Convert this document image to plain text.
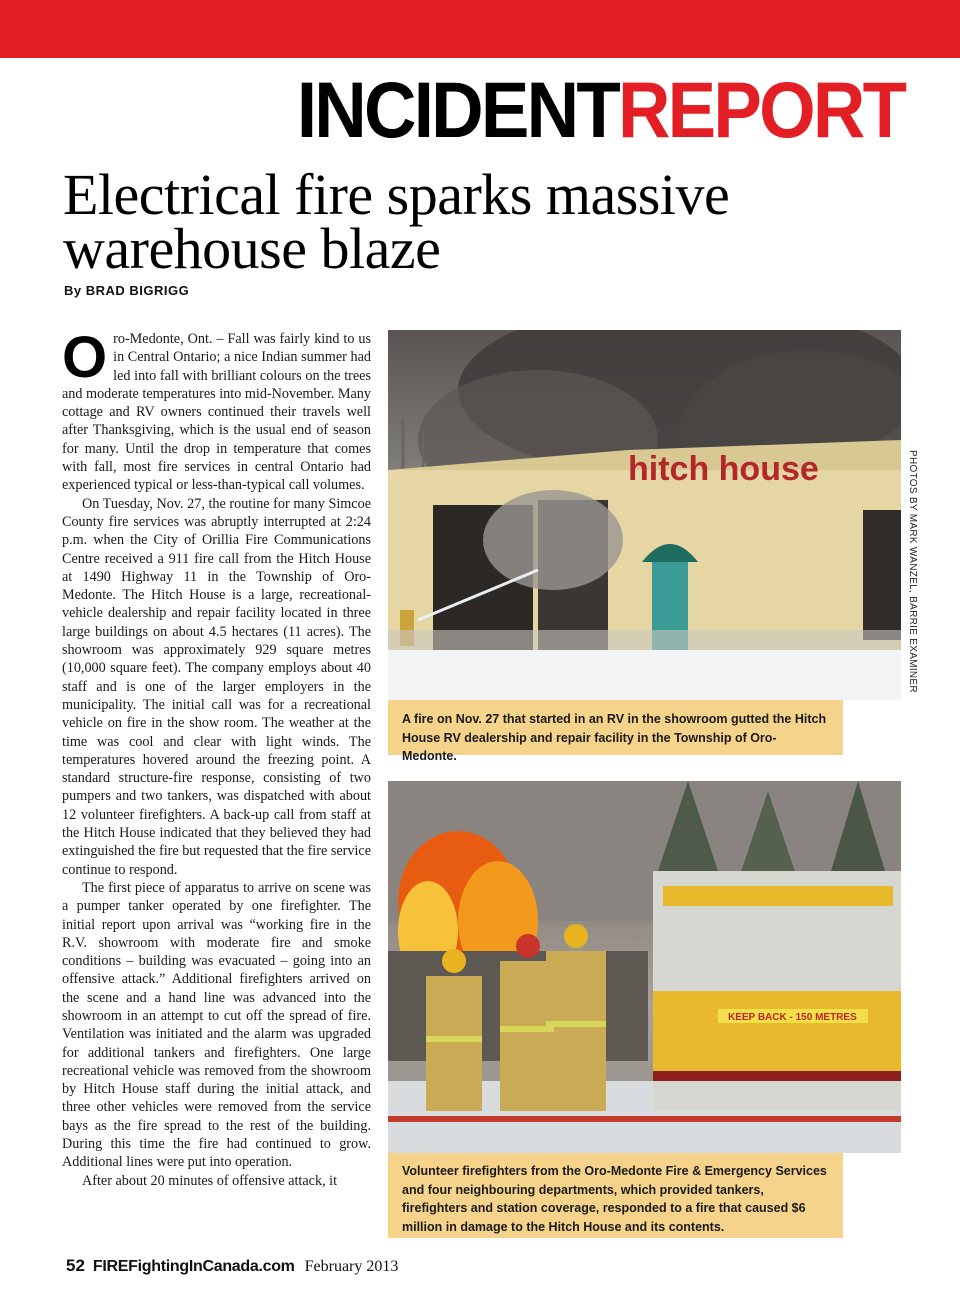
INCIDENTREPORT
Electrical fire sparks massive warehouse blaze
By BRAD BIGRIGG

Oro-Medonte, Ont. – Fall was fairly kind to us in Central Ontario; a nice Indian summer had led into fall with brilliant colours on the trees and moderate temperatures into mid-November. Many cottage and RV owners continued their travels well after Thanksgiving, which is the usual end of season for many. Until the drop in temperature that comes with fall, most fire services in central Ontario had experienced typical or less-than-typical call volumes.

On Tuesday, Nov. 27, the routine for many Simcoe County fire services was abruptly interrupted at 2:24 p.m. when the City of Orillia Fire Communications Centre received a 911 fire call from the Hitch House at 1490 Highway 11 in the Township of Oro-Medonte. The Hitch House is a large, recreational-vehicle dealership and repair facility located in three large buildings on about 4.5 hectares (11 acres). The showroom was approximately 929 square metres (10,000 square feet). The company employs about 40 staff and is one of the larger employers in the municipality. The initial call was for a recreational vehicle on fire in the show room. The weather at the time was cool and clear with light winds. The temperatures hovered around the freezing point. A standard structure-fire response, consisting of two pumpers and two tankers, was dispatched with about 12 volunteer firefighters. A back-up call from staff at the Hitch House indicated that they believed they had extinguished the fire but requested that the fire service continue to respond.

The first piece of apparatus to arrive on scene was a pumper tanker operated by one firefighter. The initial report upon arrival was “working fire in the R.V. showroom with moderate fire and smoke conditions – building was evacuated – going into an offensive attack.” Additional firefighters arrived on the scene and a hand line was advanced into the showroom in an attempt to cut off the spread of fire. Ventilation was initiated and the alarm was upgraded for additional tankers and firefighters. One large recreational vehicle was removed from the showroom by Hitch House staff during the initial attack, and three other vehicles were removed from the service bays as the fire spread to the rest of the building. During this time the fire had continued to grow. Additional lines were put into operation.

After about 20 minutes of offensive attack, it

hitch house
A fire on Nov. 27 that started in an RV in the showroom gutted the Hitch House RV dealership and repair facility in the Township of Oro-Medonte.
KEEP BACK - 150 METRES
Volunteer firefighters from the Oro-Medonte Fire & Emergency Services and four neighbouring departments, which provided tankers, firefighters and station coverage, responded to a fire that caused $6 million in damage to the Hitch House and its contents.
PHOTOS BY MARK WANZEL, BARRIE EXAMINER
52 FIREFightingInCanada.com February 2013
